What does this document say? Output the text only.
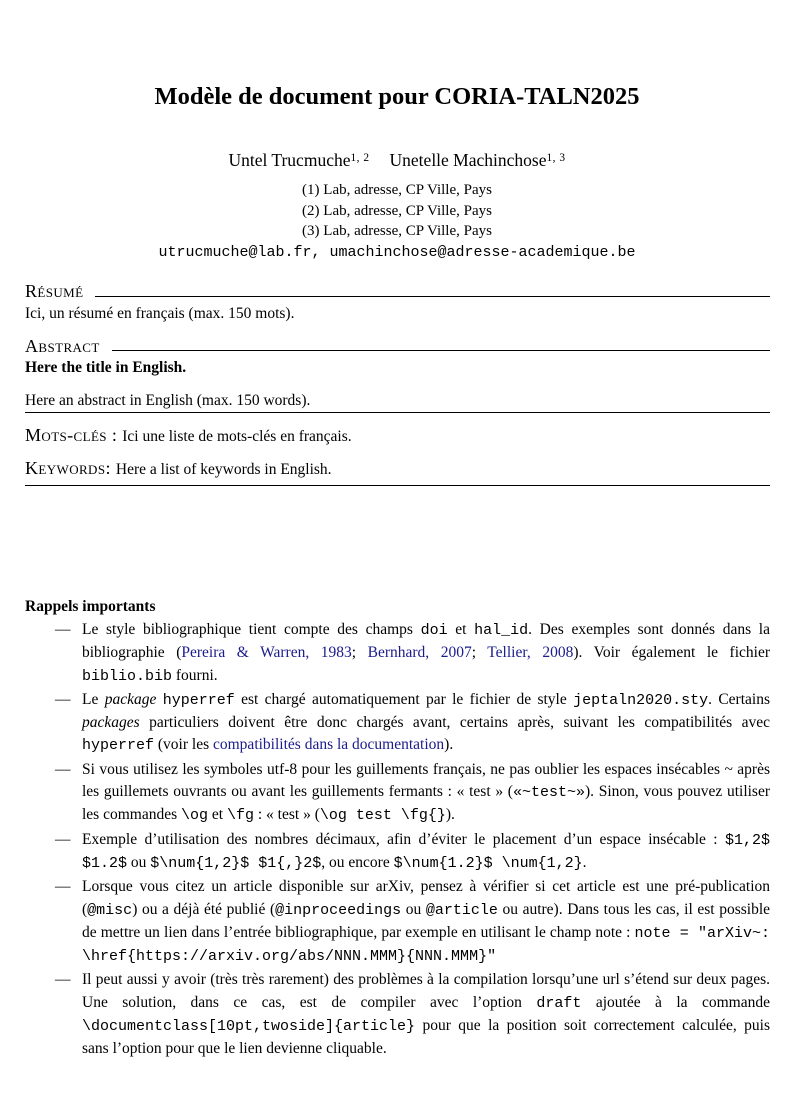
Modèle de document pour CORIA-TALN2025
Untel Trucmuche$^{1, 2}$ Unetelle Machinchose$^{1, 3}$

(1) Lab, adresse, CP Ville, Pays

(2) Lab, adresse, CP Ville, Pays

(3) Lab, adresse, CP Ville, Pays

utrucmuche@lab.fr, umachinchose@adresse-academique.be
Résumé

Ici, un résumé en français (max. 150 mots).

Abstract

Here the title in English.

Here an abstract in English (max. 150 words).

Mots-clés : Ici une liste de mots-clés en français.

Keywords: Here a list of keywords in English.

Rappels importants

— Le style bibliographique tient compte des champs doi et hal_id. Des exemples sont donnés dans la bibliographie (Pereira & Warren, 1983; Bernhard, 2007; Tellier, 2008). Voir également le fichier biblio.bib fourni.
— Le package hyperref est chargé automatiquement par le fichier de style jeptaln2020.sty. Certains packages particuliers doivent être donc chargés avant, certains après, suivant les compatibilités avec hyperref (voir les compatibilités dans la documentation).
— Si vous utilisez les symboles utf-8 pour les guillements français, ne pas oublier les espaces insécables ~ après les guillemets ouvrants ou avant les guillements fermants : « test » («~test~»). Sinon, vous pouvez utiliser les commandes \og et \fg : « test » (\og test \fg{}).
— Exemple d’utilisation des nombres décimaux, afin d’éviter le placement d’un espace insécable : $1,2$ $1.2$ ou $\num{1,2}$ $1{,}2$, ou encore $\num{1.2}$ \num{1,2}.
— Lorsque vous citez un article disponible sur arXiv, pensez à vérifier si cet article est une pré-publication (@misc) ou a déjà été publié (@inproceedings ou @article ou autre). Dans tous les cas, il est possible de mettre un lien dans l’entrée bibliographique, par exemple en utilisant le champ note : note = "arXiv~: \href{https://arxiv.org/abs/NNN.MMM}{NNN.MMM}"
— Il peut aussi y avoir (très très rarement) des problèmes à la compilation lorsqu’une url s’étend sur deux pages. Une solution, dans ce cas, est de compiler avec l’option draft ajoutée à la commande \documentclass[10pt,twoside]{article} pour que la position soit correctement calculée, puis sans l’option pour que le lien devienne cliquable.
